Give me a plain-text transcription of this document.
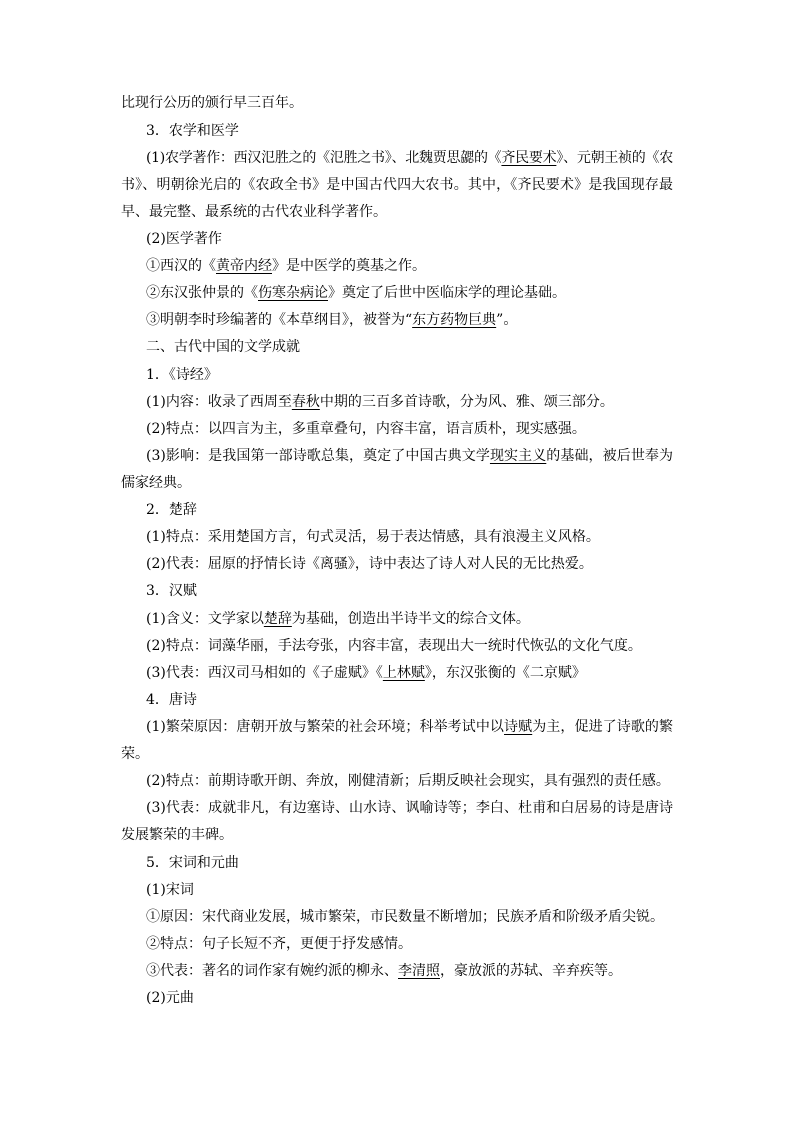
比现行公历的颁行早三百年。
3．农学和医学
(1)农学著作：西汉氾胜之的《氾胜之书》、北魏贾思勰的《齐民要术》、元朝王祯的《农
书》、明朝徐光启的《农政全书》是中国古代四大农书。其中，《齐民要术》是我国现存最
早、最完整、最系统的古代农业科学著作。
(2)医学著作
①西汉的《黄帝内经》是中医学的奠基之作。
②东汉张仲景的《伤寒杂病论》奠定了后世中医临床学的理论基础。
③明朝李时珍编著的《本草纲目》，被誉为“东方药物巨典”。
二、古代中国的文学成就
1．《诗经》
(1)内容：收录了西周至春秋中期的三百多首诗歌，分为风、雅、颂三部分。
(2)特点：以四言为主，多重章叠句，内容丰富，语言质朴，现实感强。
(3)影响：是我国第一部诗歌总集，奠定了中国古典文学现实主义的基础，被后世奉为
儒家经典。
2．楚辞
(1)特点：采用楚国方言，句式灵活，易于表达情感，具有浪漫主义风格。
(2)代表：屈原的抒情长诗《离骚》，诗中表达了诗人对人民的无比热爱。
3．汉赋
(1)含义：文学家以楚辞为基础，创造出半诗半文的综合文体。
(2)特点：词藻华丽，手法夸张，内容丰富，表现出大一统时代恢弘的文化气度。
(3)代表：西汉司马相如的《子虚赋》《上林赋》，东汉张衡的《二京赋》
4．唐诗
(1)繁荣原因：唐朝开放与繁荣的社会环境；科举考试中以诗赋为主，促进了诗歌的繁
荣。
(2)特点：前期诗歌开朗、奔放，刚健清新；后期反映社会现实，具有强烈的责任感。
(3)代表：成就非凡，有边塞诗、山水诗、讽喻诗等；李白、杜甫和白居易的诗是唐诗
发展繁荣的丰碑。
5．宋词和元曲
(1)宋词
①原因：宋代商业发展，城市繁荣，市民数量不断增加；民族矛盾和阶级矛盾尖锐。
②特点：句子长短不齐，更便于抒发感情。
③代表：著名的词作家有婉约派的柳永、李清照，豪放派的苏轼、辛弃疾等。
(2)元曲
